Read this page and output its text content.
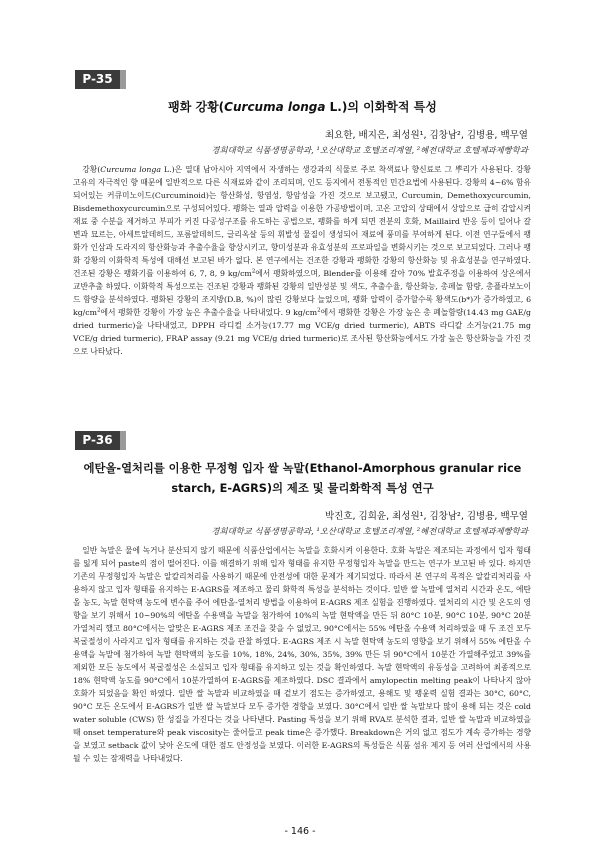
P-35
팽화 강황(Curcuma longa L.)의 이화학적 특성
최요한, 배지은, 최성원¹, 김창남², 김병용, 백무열
경희대학교 식품생명공학과, ¹오산대학교 호텔조리계열, ²혜전대학교 호텔제과제빵학과

강황(Curcuma longa L.)은 열대 남아시아 지역에서 자생하는 생강과의 식물로 주로 착색료나 향신료로 그 뿌리가 사용된다. 강황 고유의 자극적인 향 때문에 일반적으로 다른 식재료와 같이 조리되며, 인도 등지에서 전통적인 민간요법에 사용된다. 강황의 4~6% 함유되어있는 커큐미노이드(Curcuminoid)는 항산화성, 항염성, 항암성을 가진 것으로 보고됐고, Curcumin, Demethoxycurcumin, Bisdemethoxycurcumin으로 구성되어있다. 팽화는 열과 압력을 이용한 가공방법이며, 고온 고압의 상태에서 상압으로 급히 감압시켜 재료 중 수분을 제거하고 부피가 커진 다공성구조를 유도하는 공법으로, 팽화를 하게 되면 전분의 호화, Maillaird 반응 등이 일어나 갈변과 묘르는, 아세트알데히드, 포름알데히드, 글리옥살 등의 휘발성 물질이 생성되어 재료에 풍미를 부여하게 된다. 이전 연구들에서 팽화가 인삼과 도라지의 항산화능과 추출수율을 향상시키고, 향미성분과 유효성분의 프로파일을 변화시키는 것으로 보고되었다. 그러나 팽화 강황의 이화학적 특성에 대해선 보고된 바가 없다. 본 연구에서는 건조한 강황과 팽화한 강황의 항산화능 및 유효성분을 연구하였다. 건조된 강황은 팽화기를 이용하여 6, 7, 8, 9 $kg/cm^2$에서 팽화하였으며, Blender를 이용해 갈아 70% 발효주정을 이용하여 상온에서 교반추출 하였다. 이화학적 특성으로는 건조된 강황과 팽화된 강황의 일반성분 및 색도, 추출수율, 항산화능, 총페놀 함량, 총플라보노이드 함량을 분석하였다. 팽화된 강황의 조지방(D.B, %)이 많린 강황보다 늘었으며, 팽화 압력이 증가할수록 황색도(b*)가 증가하였고, 6 $kg/cm^2$에서 팽화한 강황이 가장 높은 추출수율을 나타내었다. 9 $kg/cm^2$에서 팽화한 강황은 가장 높은 총 폐놀함량(14.43 mg GAE/g dried turmeric)을 나타내었고, DPPH 라디컬 소거능(17.77 mg VCE/g dried turmeric), ABTS 라디칼 소거능(21.75 mg VCE/g dried turmeric), FRAP assay (9.21 mg VCE/g dried turmeric)로 조사된 항산화능에서도 가장 높은 항산화능을 가진 것으로 나타났다.

P-36
에탄올-열처리를 이용한 무정형 입자 쌀 녹말(Ethanol-Amorphous granular rice
starch, E-AGRS)의 제조 및 물리화학적 특성 연구
박진호, 김희윤, 최성원¹, 김창남², 김병용, 백무열
경희대학교 식품생명공학과, ¹오산대학교 호텔조리계열, ²혜전대학교 호텔제과제빵학과

일반 녹말은 물에 녹거나 분산되지 않기 때문에 식품산업에서는 녹말을 호화시켜 이용한다. 호화 녹말은 제조되는 과정에서 입자 형태를 잃게 되어 paste의 점이 떨어진다. 이를 해결하기 위해 입자 형태를 유지한 무정형입자 녹말을 만드는 연구가 보고된 바 있다. 하지만 기존의 무정형입자 녹말은 알칼리처리를 사용하기 때문에 안전성에 대한 문제가 제기되었다. 따라서 본 연구의 목적은 알칼리처리를 사용하지 않고 입자 형태를 유지하는 E-AGRS를 제조하고 물리 화학적 특성을 분석하는 것이다. 일반 쌀 녹말에 열처리 시간과 온도, 에탄올 농도, 녹말 현탁액 농도에 변수를 주어 에탄올-열처리 방법을 이용하여 E-AGRS 제조 실험을 진행하였다. 열처리의 시간 및 온도의 영향을 보기 위해서 10~90%의 에탄올 수용액을 녹말을 첨가하여 10%의 녹말 현탁액을 만든 뒤 80°C 10분, 90°C 10분, 90°C 20분 가열처리 했고 80°C에서는 알맞은 E-AGRS 제조 조건을 찾을 수 없었고, 90°C에서는 55% 에탄올 수용액 처리하였을 때 두 조건 모두 복굴절성이 사라지고 입자 형태를 유지하는 것을 관찰 하였다. E-AGRS 제조 시 녹말 현탁액 농도의 영향을 보기 위해서 55% 에탄올 수용액을 녹말에 첨가하여 녹말 현탁액의 농도를 10%, 18%, 24%, 30%, 35%, 39% 만든 뒤 90°C에서 10분간 가열해주었고 39%를 제외한 모든 농도에서 복굴절성은 소실되고 입자 형태를 유지하고 있는 것을 확인하였다. 녹말 현탁액의 유동성을 고려하여 최종적으로 18% 현탁액 농도를 90°C에서 10분가열하여 E-AGRS를 제조하였다. DSC 결과에서 amylopectin melting peak이 나타나지 않아 호화가 되었음을 확인 하였다. 일반 쌀 녹말과 비교하였을 때 겉보기 점도는 증가하였고, 용해도 및 팽윤력 실험 결과는 30°C, 60°C, 90°C 모든 온도에서 E-AGRS가 일반 쌀 녹말보다 모두 증가한 경향을 보였다. 30°C에서 일반 쌀 녹말보다 많이 용해 되는 것은 cold water soluble (CWS) 한 성질을 가진다는 것을 나타낸다. Pasting 특성을 보기 위해 RVA로 분석한 결과, 일반 쌀 녹말과 비교하였을 때 onset temperature와 peak viscosity는 줄어들고 peak time은 증가했다. Breakdown은 거의 없고 점도가 계속 증가하는 경향을 보였고 setback 값이 낮아 온도에 대한 점도 안정성을 보였다. 이러한 E-AGRS의 특성들은 식품 섬유 제지 등 여러 산업에서의 사용될 수 있는 잠재력을 나타내었다.

- 146 -
